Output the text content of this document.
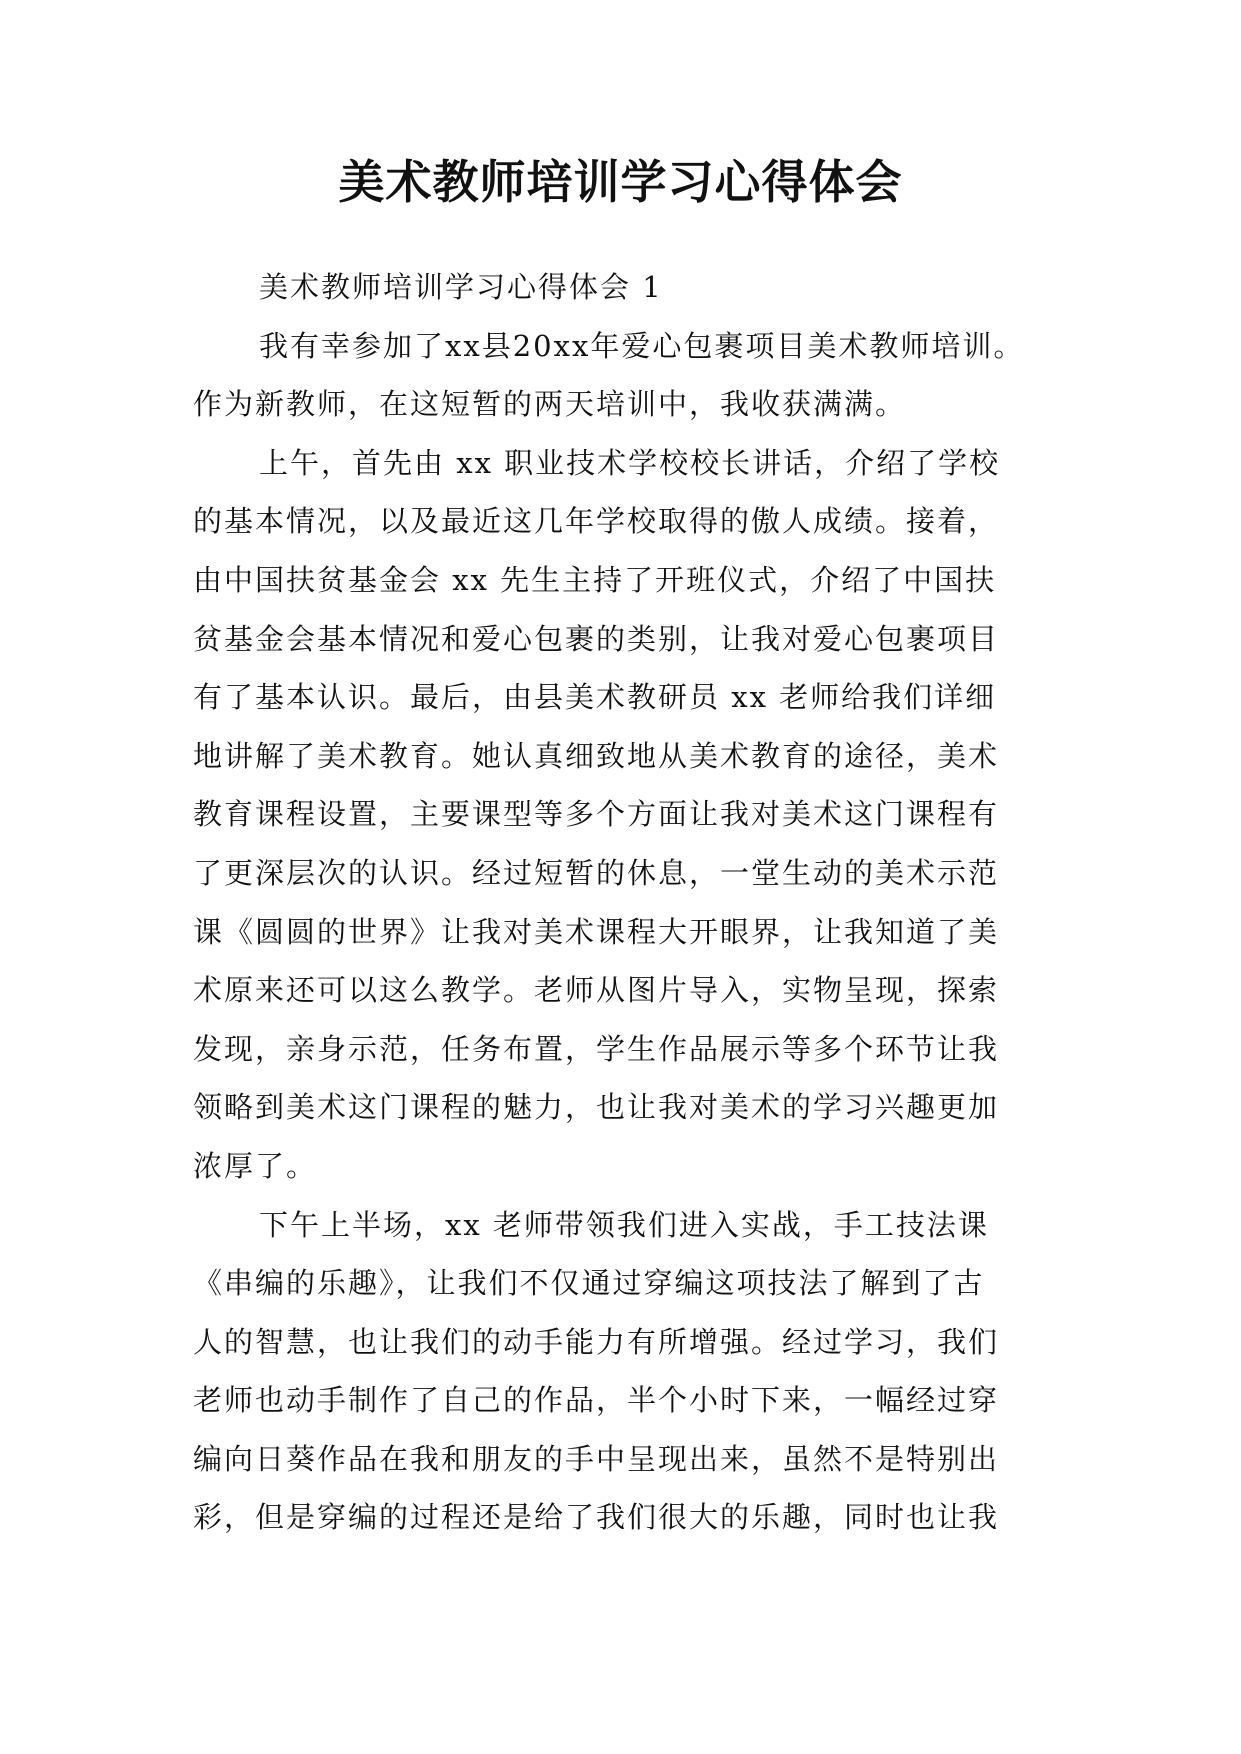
美术教师培训学习心得体会
美术教师培训学习心得体会 1
我有幸参加了xx县20xx年爱心包裹项目美术教师培训。
作为新教师，在这短暂的两天培训中，我收获满满。
上午，首先由 xx 职业技术学校校长讲话，介绍了学校
的基本情况，以及最近这几年学校取得的傲人成绩。接着，
由中国扶贫基金会 xx 先生主持了开班仪式，介绍了中国扶
贫基金会基本情况和爱心包裹的类别，让我对爱心包裹项目
有了基本认识。最后，由县美术教研员 xx 老师给我们详细
地讲解了美术教育。她认真细致地从美术教育的途径，美术
教育课程设置，主要课型等多个方面让我对美术这门课程有
了更深层次的认识。经过短暂的休息，一堂生动的美术示范
课《圆圆的世界》让我对美术课程大开眼界，让我知道了美
术原来还可以这么教学。老师从图片导入，实物呈现，探索
发现，亲身示范，任务布置，学生作品展示等多个环节让我
领略到美术这门课程的魅力，也让我对美术的学习兴趣更加
浓厚了。
下午上半场，xx 老师带领我们进入实战，手工技法课
《串编的乐趣》，让我们不仅通过穿编这项技法了解到了古
人的智慧，也让我们的动手能力有所增强。经过学习，我们
老师也动手制作了自己的作品，半个小时下来，一幅经过穿
编向日葵作品在我和朋友的手中呈现出来，虽然不是特别出
彩，但是穿编的过程还是给了我们很大的乐趣，同时也让我
